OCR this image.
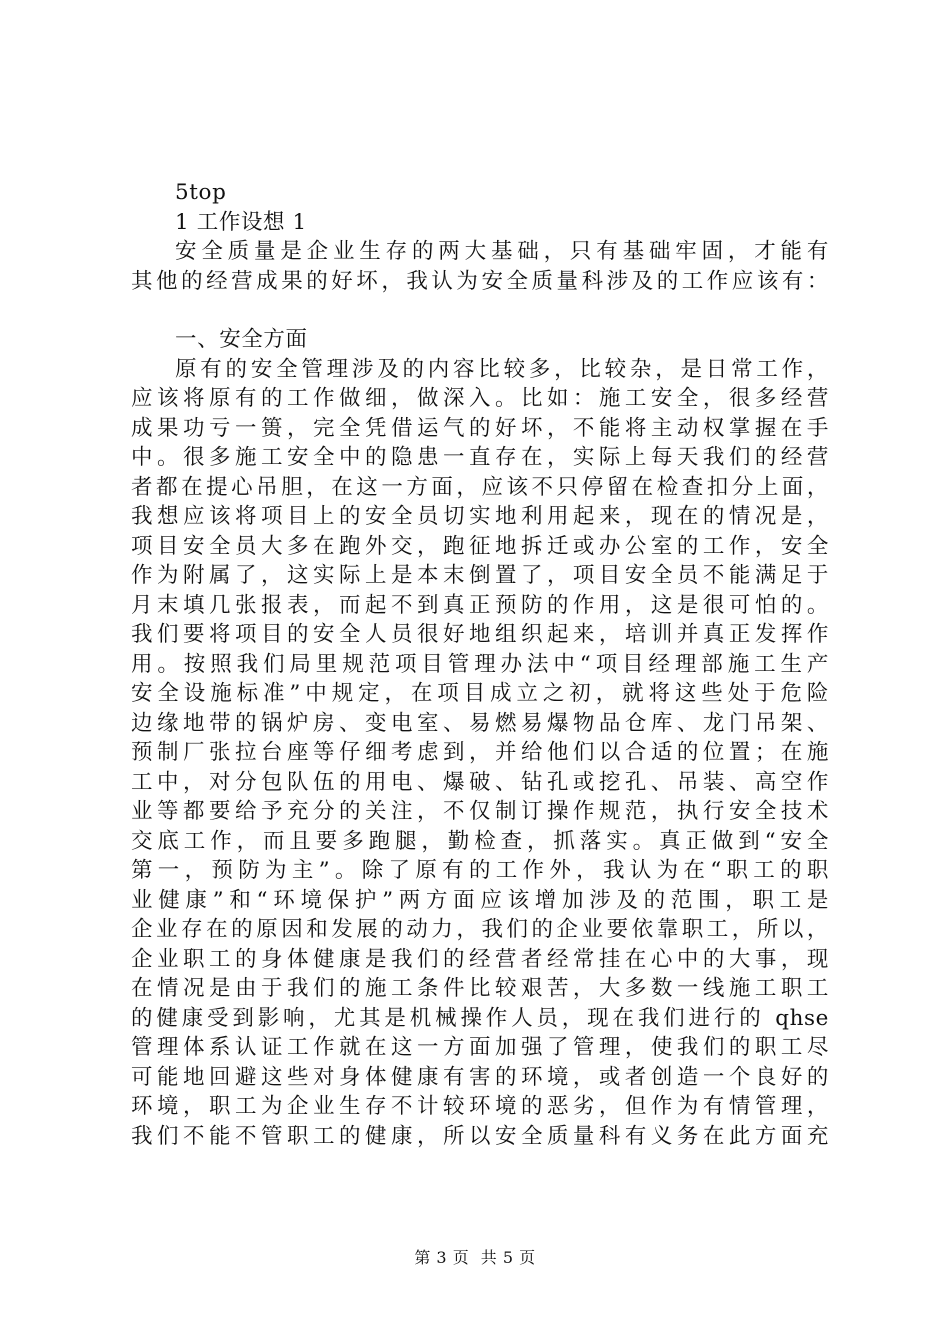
5top
1 工作设想 1
安全质量是企业生存的两大基础，只有基础牢固，才能有
其他的经营成果的好坏，我认为安全质量科涉及的工作应该有：
一、安全方面
原有的安全管理涉及的内容比较多，比较杂，是日常工作，
应该将原有的工作做细，做深入。比如：施工安全，很多经营
成果功亏一篑，完全凭借运气的好坏，不能将主动权掌握在手
中。很多施工安全中的隐患一直存在，实际上每天我们的经营
者都在提心吊胆，在这一方面，应该不只停留在检查扣分上面，
我想应该将项目上的安全员切实地利用起来，现在的情况是，
项目安全员大多在跑外交，跑征地拆迁或办公室的工作，安全
作为附属了，这实际上是本末倒置了，项目安全员不能满足于
月末填几张报表，而起不到真正预防的作用，这是很可怕的。
我们要将项目的安全人员很好地组织起来，培训并真正发挥作
用。按照我们局里规范项目管理办法中“项目经理部施工生产
安全设施标准”中规定，在项目成立之初，就将这些处于危险
边缘地带的锅炉房、变电室、易燃易爆物品仓库、龙门吊架、
预制厂张拉台座等仔细考虑到，并给他们以合适的位置；在施
工中，对分包队伍的用电、爆破、钻孔或挖孔、吊装、高空作
业等都要给予充分的关注，不仅制订操作规范，执行安全技术
交底工作，而且要多跑腿，勤检查，抓落实。真正做到“安全
第一，预防为主”。除了原有的工作外，我认为在“职工的职
业健康”和“环境保护”两方面应该增加涉及的范围，职工是
企业存在的原因和发展的动力，我们的企业要依靠职工，所以，
企业职工的身体健康是我们的经营者经常挂在心中的大事，现
在情况是由于我们的施工条件比较艰苦，大多数一线施工职工
的健康受到影响，尤其是机械操作人员，现在我们进行的 qhse
管理体系认证工作就在这一方面加强了管理，使我们的职工尽
可能地回避这些对身体健康有害的环境，或者创造一个良好的
环境，职工为企业生存不计较环境的恶劣，但作为有情管理，
我们不能不管职工的健康，所以安全质量科有义务在此方面充
第 3 页 共 5 页
